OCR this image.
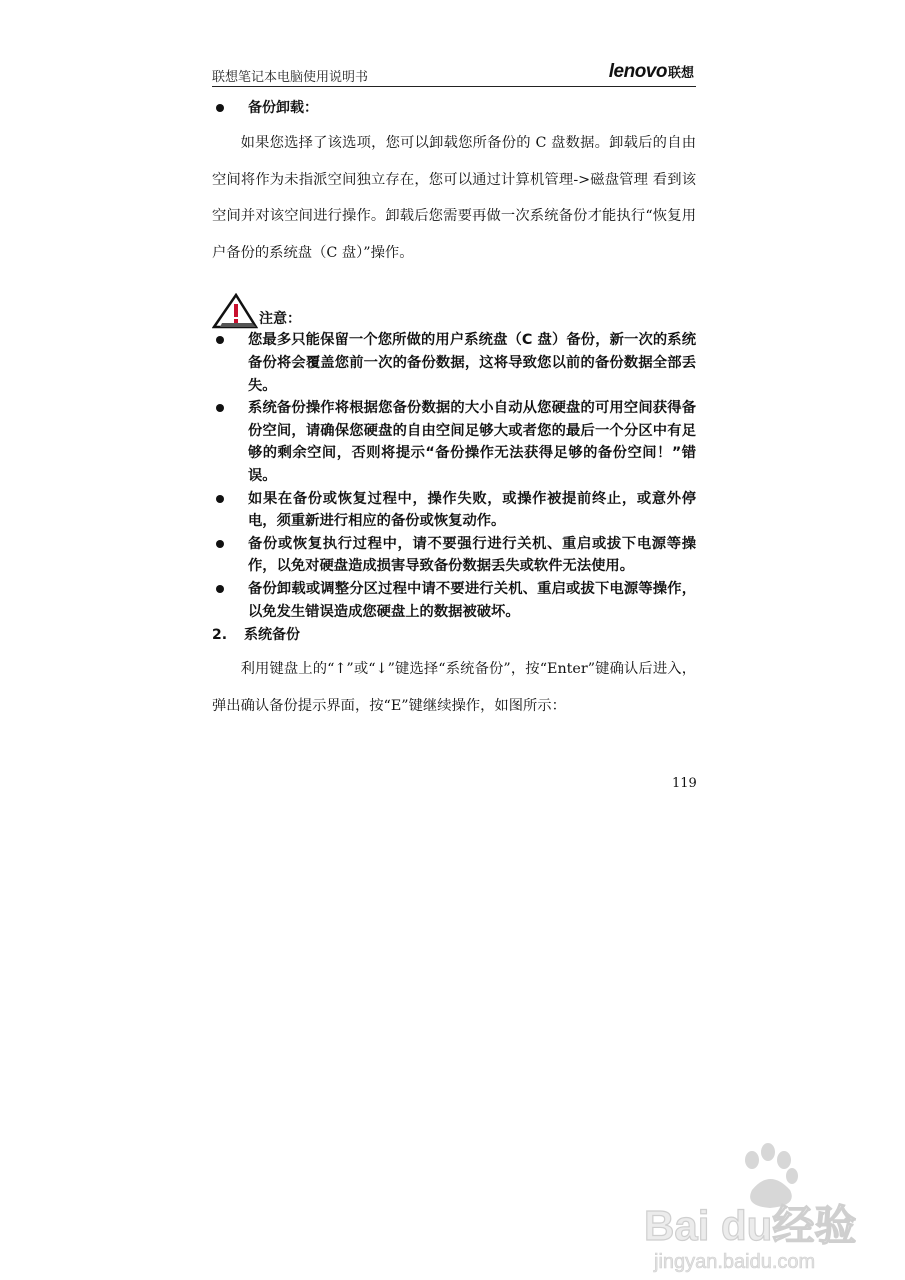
联想笔记本电脑使用说明书	lenovo 联想
备份卸载：

如果您选择了该选项，您可以卸载您所备份的 C 盘数据。卸载后的自由空间将作为未指派空间独立存在，您可以通过计算机管理->磁盘管理 看到该空间并对该空间进行操作。卸载后您需要再做一次系统备份才能执行“恢复用户备份的系统盘（C 盘）”操作。

注意：
您最多只能保留一个您所做的用户系统盘（C 盘）备份，新一次的系统备份将会覆盖您前一次的备份数据，这将导致您以前的备份数据全部丢失。
系统备份操作将根据您备份数据的大小自动从您硬盘的可用空间获得备份空间，请确保您硬盘的自由空间足够大或者您的最后一个分区中有足够的剩余空间，否则将提示“备份操作无法获得足够的备份空间！”错误。
如果在备份或恢复过程中，操作失败，或操作被提前终止，或意外停电，须重新进行相应的备份或恢复动作。
备份或恢复执行过程中，请不要强行进行关机、重启或拔下电源等操作，以免对硬盘造成损害导致备份数据丢失或软件无法使用。
备份卸载或调整分区过程中请不要进行关机、重启或拔下电源等操作，以免发生错误造成您硬盘上的数据被破坏。
2.	系统备份

利用键盘上的“↑”或“↓”键选择“系统备份”，按“Enter”键确认后进入，弹出确认备份提示界面，按“E”键继续操作，如图所示：

119
Bai du经验
jingyan.baidu.com
